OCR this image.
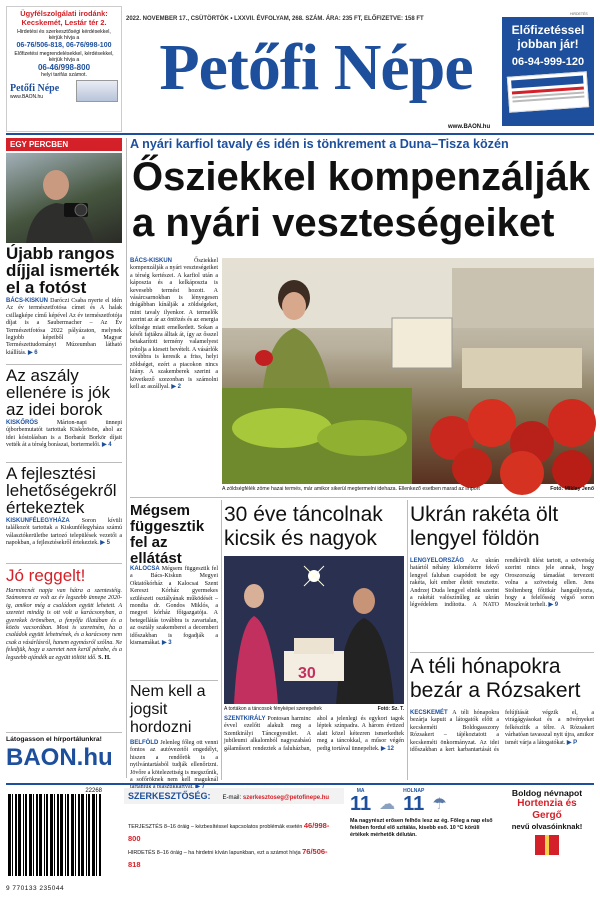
Ügyfélszolgálati irodánk:
Kecskemét, Lestár tér 2.
Hirdetési és szerkesztőségi kérdésekkel, kérjük hívja a
06-76/506-818, 06-76/998-100
Előfizetési megrendelésekkel, kérdésekkel, kérjük hívja a
06-46/998-800
helyi tarifás számot.
Petőfi Népe
www.BAON.hu
2022. NOVEMBER 17., CSÜTÖRTÖK • LXXVII. ÉVFOLYAM, 268. SZÁM. ÁRA: 235 FT, ELŐFIZETVE: 158 FT
Petőfi Népe
www.BAON.hu
HIRDETÉS
Előfizetéssel
jobban jár!
06-94-999-120
EGY PERCBEN
Újabb rangos díjjal ismerték el a fotóst
BÁCS-KISKUN Daróczi Csaba nyerte el idén Az év természetfotósa címet és A halak csillagképe című képével Az év természetfotója díjat is a Saubermacher – Az Év Természetfotósa 2022 pályázaton, melynek legjobb képeiből a Magyar Természettudományi Múzeumban látható kiállítás. ▶ 6
Az aszály ellenére is jók az idei borok
KISKŐRÖS	Márton-napi ünnepi újborbemutatót tartottak Kiskőrösön, ahol az idei kóstolásban is a Borbarát Borkör díjait vették át a térség borászai, bortermelői. ▶ 4
A fejlesztési lehetőségekről értekeztek
KISKUNFÉLEGYHÁZA Soron kívüli találkozót tartottak a Kiskunfélegyháza számú választókerületbe tartozó települések vezetői a napokban, a fejlesztésekről értekeztek. ▶ 5
Jó reggelt!
Harmincnét napja van hátra a szentestéig. Számomra ez volt az év legszebb ünnepe 2020-ig, amikor még a családom együtt lehetett. A szeretet mindig is ott volt a karácsonyban, a gyerekek örömében, a fenyőfa illatában és a közös vacsorában. Most is szeretném, ha a családok együtt lehetnének, és a karácsony nem csak a vásárlásról, hanem egymásról szólna. Ne feledjük, hogy a szeretet nem kerül pénzbe, és a legszebb ajándék az együtt töltött idő. S. H.
Látogasson el hírportálunkra!
BAON.hu
A nyári karfiol tavaly és idén is tönkrement a Duna–Tisza közén
Ősziekkel kompenzálják
a nyári veszteségeiket
BÁCS-KISKUN	Ősziekkel kompenzálják a nyári veszteségeiket a térség kertészei. A karfiol után a káposzta és a kelkáposzta is kevesebb termést hozott. A vásárcsarnokban is lényegesen drágábban kínálják a zöldségeket, mint tavaly ilyenkor. A termelők szerint az ár az öntözés és az energia költsége miatt emelkedett. Sokan a késői fajtákra álltak át, így az ősszel betakarított termény valamelyest pótolja a kiesett bevételt. A vásárlók továbbra is keresik a friss, helyi zöldséget, ezért a piacokon nincs hiány. A szakemberek szerint a következő szezonban is számolni kell az aszállyal. ▶ 2
A zöldségfélék zöme hazai termés, már amikor sikerül megtermelni idehaza. Ellenkező esetben marad az import	Fotó: Miklay Jenő
Mégsem függesztik fel az ellátást
KALOCSA Mégsem függesztik fel a Bács-Kiskun Megyei Oktatókórház a Kalocsai Szent Kereszt Kórház gyermekes szülészeti osztályának működését – mondta dr. Gondos Miklós, a megyei kórház főigazgatója. A betegellátás továbbra is zavartalan, az osztály szakemberei a decemberi időszakban is fogadják a kismamákat. ▶ 3
Nem kell a jogsit hordozni
BELFÖLD Jelenleg főleg ott venni fontos az autóvezetői engedélyt, hiszen a rendőrök is a nyilvántartásból tudják ellenőrizni. Jövőre a kötelezettség is megszűnik, a sofőröknek nem kell maguknál
30 éve táncolnak kicsik és nagyok
30
A tortákon a táncosok fényképei szerepeltek	Fotó: Sz. T.
SZENTKIRÁLY Pontosan harminc évvel ezelőtt alakult meg a Szentkirályi Táncegyesület. A jubileumi alkalomból nagyszabású gálaműsort rendeztek a faluházban, ahol a jelenlegi és egykori tagok léptek színpadra. A három évtized alatt közel kétezren ismerkedtek meg a táncokkal, a műsor végén pedig tortával ünnepeltek. ▶ 12
Ukrán rakéta ölt lengyel földön
LENGYELORSZÁG Az ukrán határtól néhány kilométerre fekvő lengyel faluban csapódott be egy rakéta, két ember életét vesztette. Andrzej Duda lengyel elnök szerint a rakétát valószínűleg az ukrán légvédelem indította. A NATO rendkívüli ülést tartott, a szövetség szerint nincs jele annak, hogy Oroszország támadást tervezett volna a szövetség ellen. Jens Stoltenberg főtitkár hangsúlyozta, hogy a felelősség végső soron Moszkvát terheli. ▶ 9
A téli hónapokra bezár a Rózsakert
KECSKEMÉT A téli hónapokra bezárja kapuit a látogatók előtt a kecskeméti Boldogasszony Rózsakert – tájékoztatott a kecskeméti önkormányzat. Az idei időszakban a kert karbantartását és felújítását végzik el, a virágágyásokat és a növényeket felkészítik a télre. A Rózsakert várhatóan tavasszal nyit újra, amikor ismét várja a látogatókat. ▶ P
22268
9 770133 235044
SZERKESZTŐSÉG: E-mail: szerkesztoseg@petofinepe.hu
TERJESZTÉS 8–16 óráig – kézbesítéssel kapcsolatos problémák esetén 46/998-800
HIRDETÉS 8–16 óráig – ha hirdetni kíván lapunkban, ezt a számot hívja 76/506-818
MA
11 ☁
HOLNAP
11 ☂
Ma nagyrészt erősen felhős lesz az ég. Főleg a nap első felében fordul elő szitálás, kisebb eső. 10 °C körüli értékek mérhetők délután.
Boldog névnapot
Hortenzia és Gergő
nevű olvasóinknak!
